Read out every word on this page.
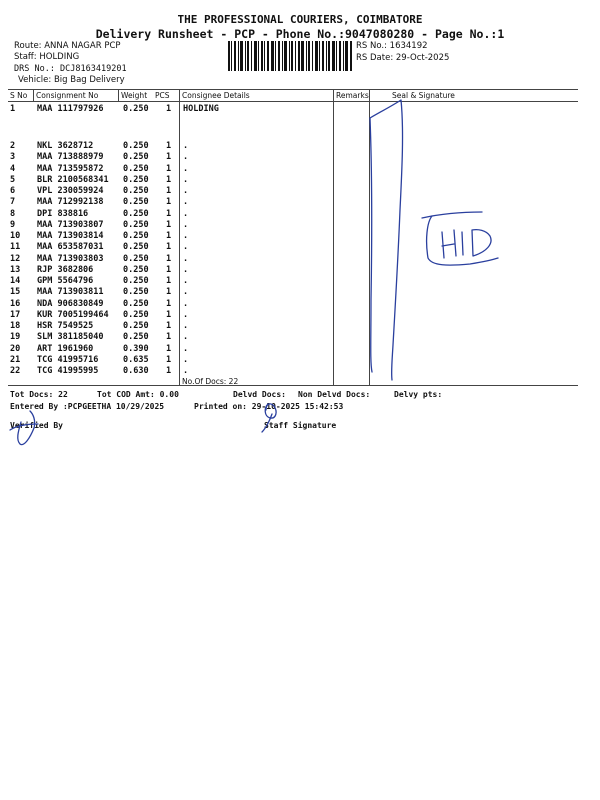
THE PROFESSIONAL COURIERS, COIMBATORE
Delivery Runsheet - PCP - Phone No.:9047080280 - Page No.:1
Route: ANNA NAGAR PCP
Staff: HOLDING
DRS No.: DCJ8163419201
Vehicle: Big Bag Delivery
RS No.: 1634192
RS Date: 29-Oct-2025
S No Consignment No	Weight PCS Consignee Details	Remarks	Seal & Signature
1	MAA 111797926 0.250 1 HOLDING
2	NKL 3628712	0.250 1 .
3	MAA 713888979 0.250 1 .
4	MAA 713595872 0.250 1 .
5	BLR 2100568341 0.250 1 .
6	VPL 230059924 0.250 1 .
7	MAA 712992138 0.250 1 .
8	DPI 838816	0.250 1 .
9	MAA 713903807 0.250 1 .
10 MAA 713903814 0.250 1 .
11 MAA 653587031 0.250 1 .
12 MAA 713903803 0.250 1 .
13 RJP 3682806	0.250 1 .
14 GPM 5564796	0.250 1 .
15 MAA 713903811 0.250 1 .
16 NDA 906830849 0.250 1 .
17 KUR 7005199464 0.250 1 .
18 HSR 7549525	0.250 1 .
19 SLM 381185040 0.250 1 .
20 ART 1961960	0.390 1 .
21 TCG 41995716	0.635 1 .
22 TCG 41995995	0.630 1 .
No.Of Docs: 22
Tot Docs: 22	Tot COD Amt: 0.00	Delvd Docs: Non Delvd Docs:	Delvy pts:
Entered By :PCPGEETHA 10/29/2025	Printed on: 29-10-2025 15:42:53
Verified By	Staff Signature
